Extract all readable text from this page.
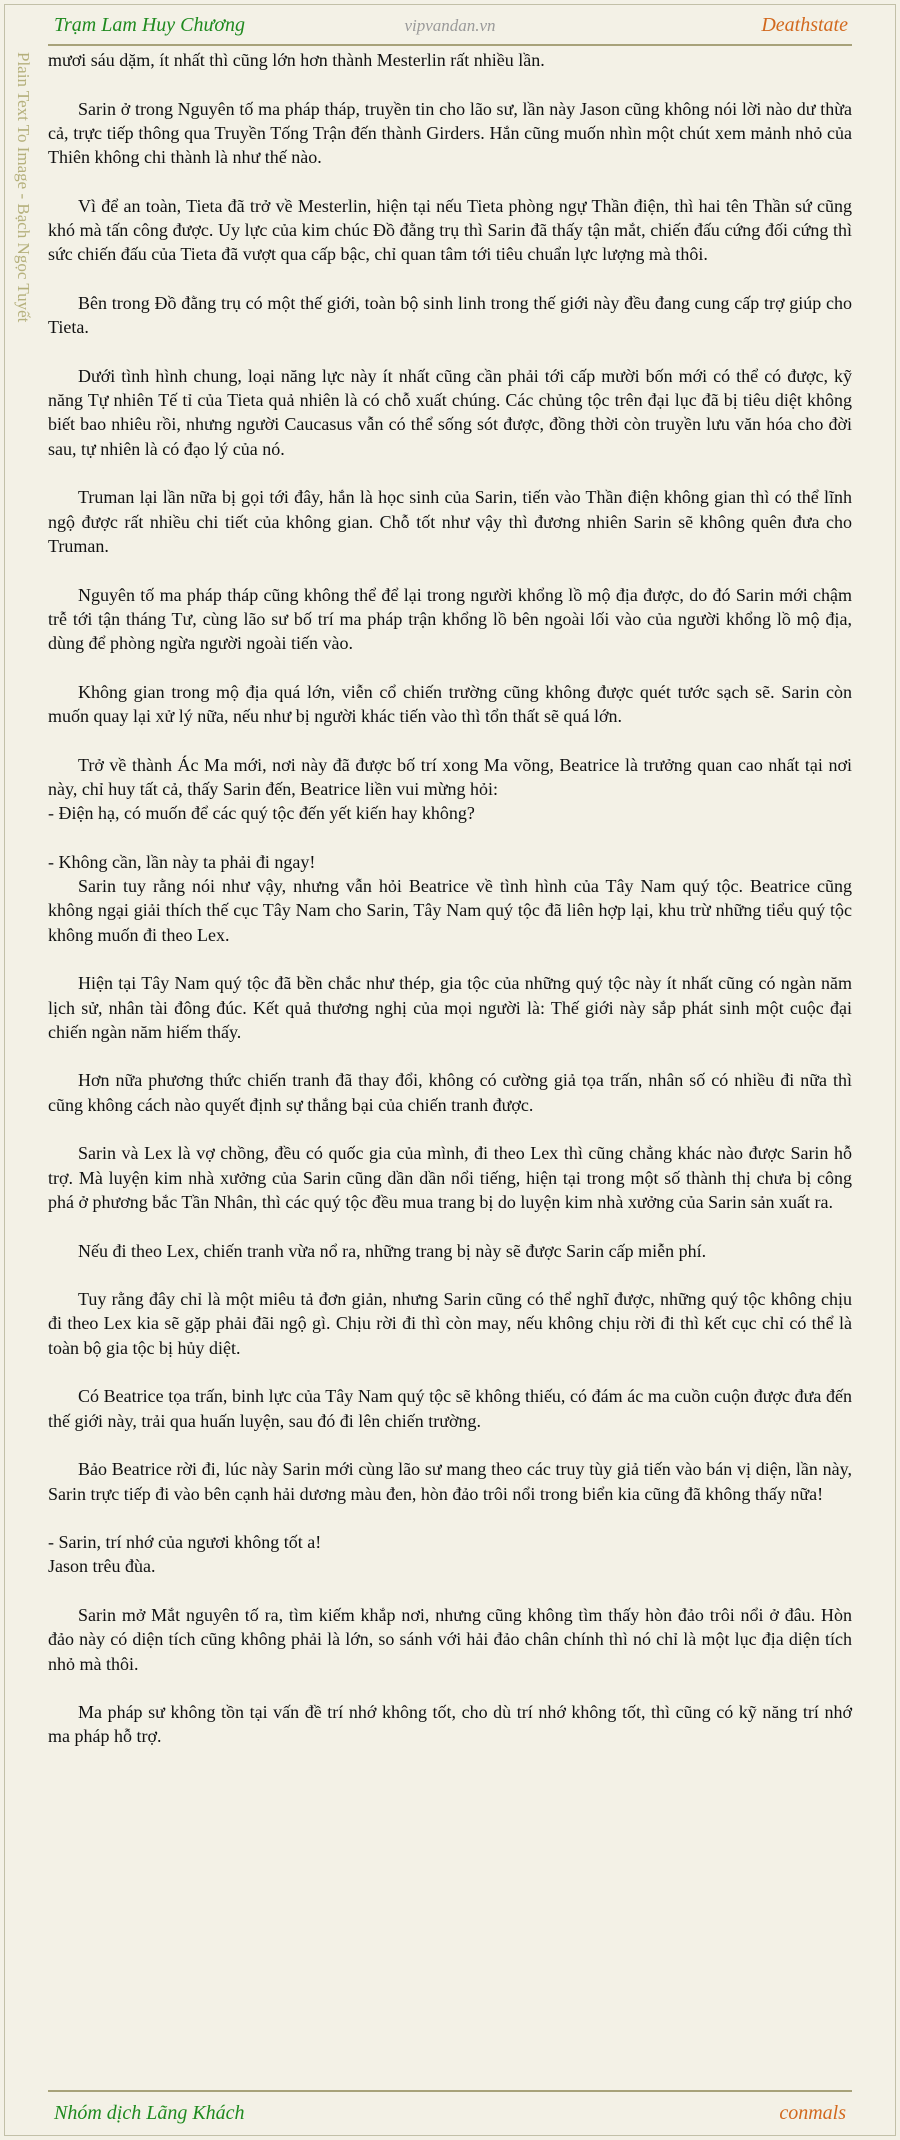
Trạm Lam Huy Chương	vipvandan.vn	Deathstate
Plain Text To Image - Bạch Ngọc Tuyết mươi sáu dặm, ít nhất thì cũng lớn hơn thành Mesterlin rất nhiều lần.

Sarin ở trong Nguyên tố ma pháp tháp, truyền tin cho lão sư, lần này Jason cũng không nói lời nào dư thừa cả, trực tiếp thông qua Truyền Tống Trận đến thành Girders. Hắn cũng muốn nhìn một chút xem mảnh nhỏ của Thiên không chi thành là như thế nào.

Vì để an toàn, Tieta đã trở về Mesterlin, hiện tại nếu Tieta phòng ngự Thần điện, thì hai tên Thần sứ cũng khó mà tấn công được. Uy lực của kim chúc Đồ đằng trụ thì Sarin đã thấy tận mắt, chiến đấu cứng đối cứng thì sức chiến đấu của Tieta đã vượt qua cấp bậc, chỉ quan tâm tới tiêu chuẩn lực lượng mà thôi.

Bên trong Đồ đằng trụ có một thế giới, toàn bộ sinh linh trong thế giới này đều đang cung cấp trợ giúp cho Tieta.

Dưới tình hình chung, loại năng lực này ít nhất cũng cần phải tới cấp mười bốn mới có thể có được, kỹ năng Tự nhiên Tế tỉ của Tieta quả nhiên là có chỗ xuất chúng. Các chủng tộc trên đại lục đã bị tiêu diệt không biết bao nhiêu rồi, nhưng người Caucasus vẫn có thể sống sót được, đồng thời còn truyền lưu văn hóa cho đời sau, tự nhiên là có đạo lý của nó.

Truman lại lần nữa bị gọi tới đây, hắn là học sinh của Sarin, tiến vào Thần điện không gian thì có thể lĩnh ngộ được rất nhiều chi tiết của không gian. Chỗ tốt như vậy thì đương nhiên Sarin sẽ không quên đưa cho Truman.

Nguyên tố ma pháp tháp cũng không thể để lại trong người khổng lồ mộ địa được, do đó Sarin mới chậm trễ tới tận tháng Tư, cùng lão sư bố trí ma pháp trận khổng lồ bên ngoài lối vào của người khổng lồ mộ địa, dùng để phòng ngừa người ngoài tiến vào.

Không gian trong mộ địa quá lớn, viễn cổ chiến trường cũng không được quét tước sạch sẽ. Sarin còn muốn quay lại xử lý nữa, nếu như bị người khác tiến vào thì tổn thất sẽ quá lớn.

Trở về thành Ác Ma mới, nơi này đã được bố trí xong Ma võng, Beatrice là trưởng quan cao nhất tại nơi này, chỉ huy tất cả, thấy Sarin đến, Beatrice liền vui mừng hỏi:

- Điện hạ, có muốn để các quý tộc đến yết kiến hay không?

- Không cần, lần này ta phải đi ngay!

Sarin tuy rằng nói như vậy, nhưng vẫn hỏi Beatrice về tình hình của Tây Nam quý tộc. Beatrice cũng không ngại giải thích thế cục Tây Nam cho Sarin, Tây Nam quý tộc đã liên hợp lại, khu trừ những tiểu quý tộc không muốn đi theo Lex.

Hiện tại Tây Nam quý tộc đã bền chắc như thép, gia tộc của những quý tộc này ít nhất cũng có ngàn năm lịch sử, nhân tài đông đúc. Kết quả thương nghị của mọi người là: Thế giới này sắp phát sinh một cuộc đại chiến ngàn năm hiếm thấy.

Hơn nữa phương thức chiến tranh đã thay đổi, không có cường giả tọa trấn, nhân số có nhiều đi nữa thì cũng không cách nào quyết định sự thắng bại của chiến tranh được.

Sarin và Lex là vợ chồng, đều có quốc gia của mình, đi theo Lex thì cũng chẳng khác nào được Sarin hỗ trợ. Mà luyện kim nhà xưởng của Sarin cũng dần dần nổi tiếng, hiện tại trong một số thành thị chưa bị công phá ở phương bắc Tần Nhân, thì các quý tộc đều mua trang bị do luyện kim nhà xưởng của Sarin sản xuất ra.

Nếu đi theo Lex, chiến tranh vừa nổ ra, những trang bị này sẽ được Sarin cấp miễn phí.

Tuy rằng đây chỉ là một miêu tả đơn giản, nhưng Sarin cũng có thể nghĩ được, những quý tộc không chịu đi theo Lex kia sẽ gặp phải đãi ngộ gì. Chịu rời đi thì còn may, nếu không chịu rời đi thì kết cục chỉ có thể là toàn bộ gia tộc bị hủy diệt.

Có Beatrice tọa trấn, binh lực của Tây Nam quý tộc sẽ không thiếu, có đám ác ma cuồn cuộn được đưa đến thế giới này, trải qua huấn luyện, sau đó đi lên chiến trường.

Bảo Beatrice rời đi, lúc này Sarin mới cùng lão sư mang theo các truy tùy giả tiến vào bán vị diện, lần này, Sarin trực tiếp đi vào bên cạnh hải dương màu đen, hòn đảo trôi nổi trong biển kia cũng đã không thấy nữa!

- Sarin, trí nhớ của ngươi không tốt a!

Jason trêu đùa.

Sarin mở Mắt nguyên tố ra, tìm kiếm khắp nơi, nhưng cũng không tìm thấy hòn đảo trôi nổi ở đâu. Hòn đảo này có diện tích cũng không phải là lớn, so sánh với hải đảo chân chính thì nó chỉ là một lục địa diện tích nhỏ mà thôi.

Ma pháp sư không tồn tại vấn đề trí nhớ không tốt, cho dù trí nhớ không tốt, thì cũng có kỹ năng trí nhớ ma pháp hỗ trợ.

Nhóm dịch Lãng Khách	conmals
